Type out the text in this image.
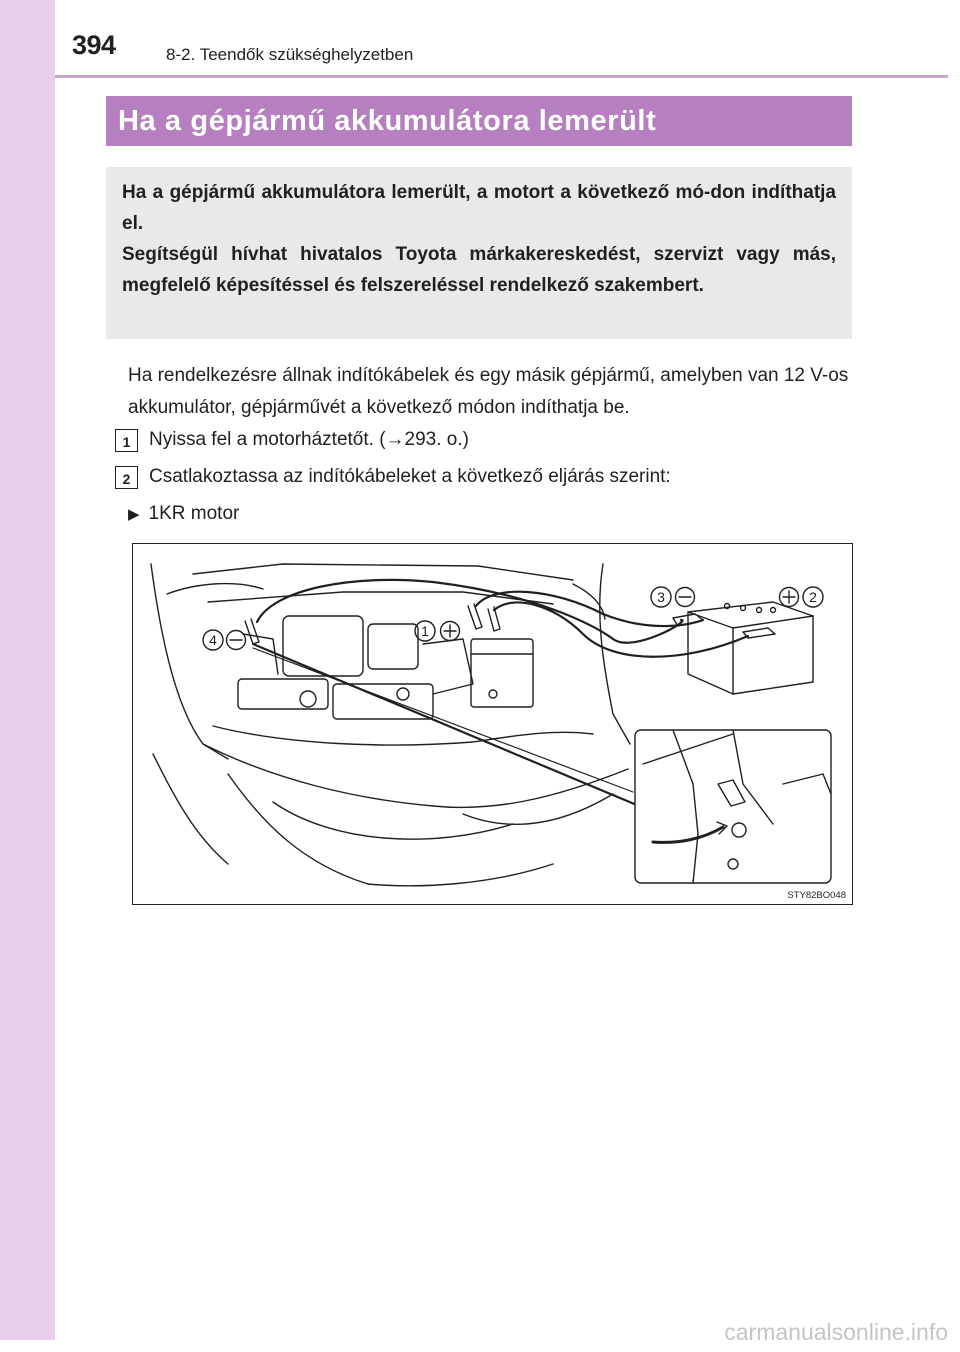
394	8-2. Teendők szükséghelyzetben
Ha a gépjármű akkumulátora lemerült

Ha a gépjármű akkumulátora lemerült, a motort a következő mó-don indíthatja el.

Segítségül hívhat hivatalos Toyota márkakereskedést, szervizt vagy más, megfelelő képesítéssel és felszereléssel rendelkező szakembert.

Ha rendelkezésre állnak indítókábelek és egy másik gépjármű, amelyben van 12 V-os akkumulátor, gépjárművét a következő módon indíthatja be.

1 Nyissa fel a motorháztetőt. (→293. o.)
2 Csatlakoztassa az indítókábeleket a következő eljárás szerint:
▶ 1KR motor
1
2
3
4
STY82BO048
carmanualsonline.info
